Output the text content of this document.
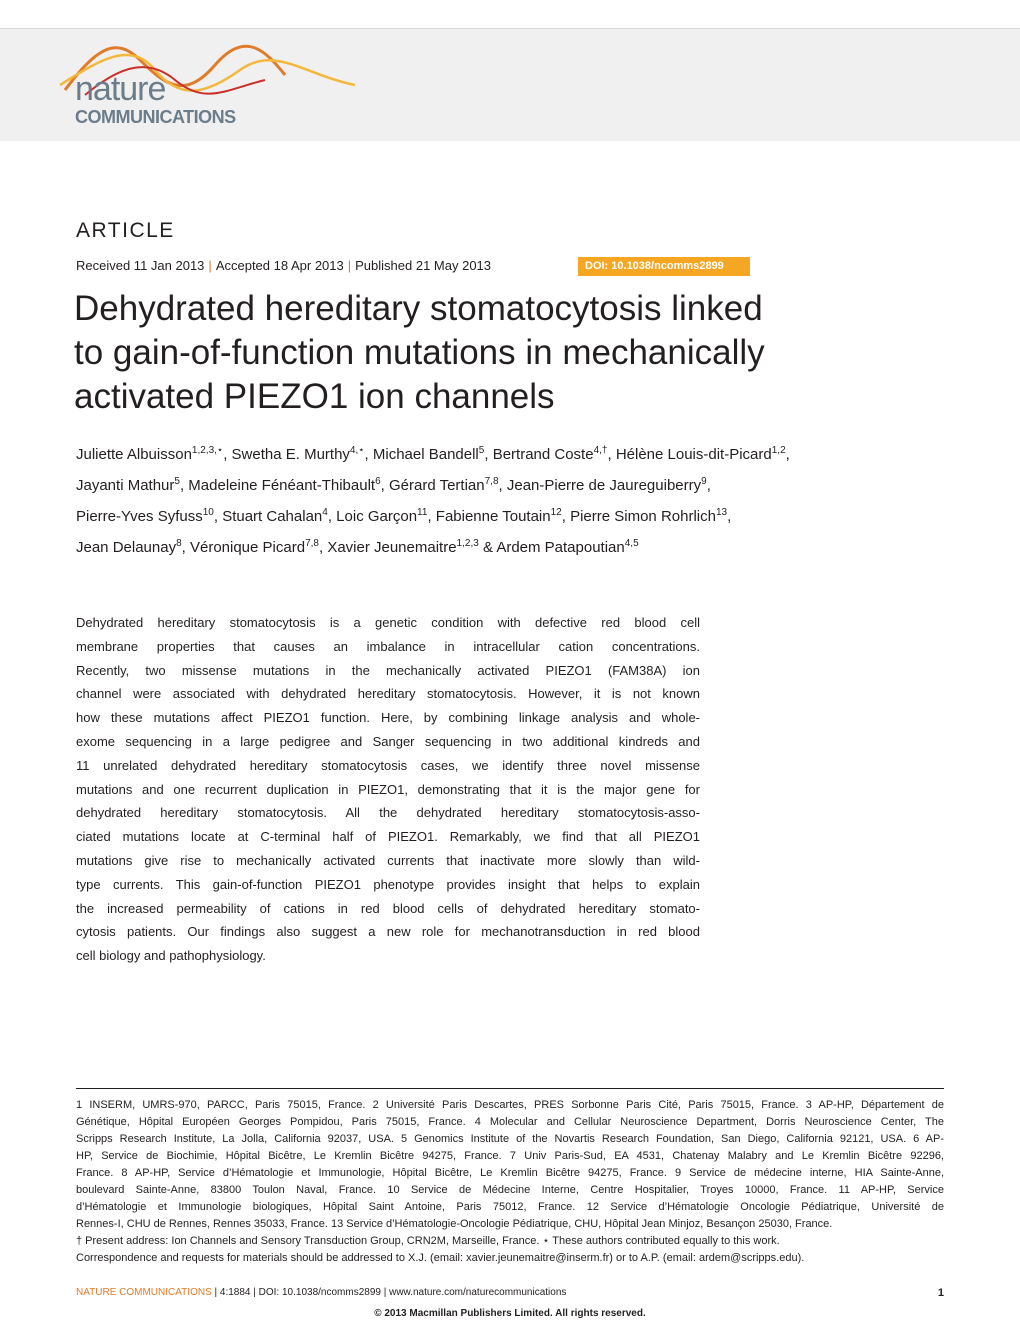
nature
COMMUNICATIONS
ARTICLE
Received 11 Jan 2013 | Accepted 18 Apr 2013 | Published 21 May 2013	DOI: 10.1038/ncomms2899
Dehydrated hereditary stomatocytosis linked
to gain-of-function mutations in mechanically
activated PIEZO1 ion channels
Juliette Albuisson$^{1,2,3,⋆}$, Swetha E. Murthy$^{4,⋆}$, Michael Bandell$^5$, Bertrand Coste$^{4,\dagger}$, Hélène Louis-dit-Picard$^{1,2}$,
Jayanti Mathur$^5$, Madeleine Fénéant-Thibault$^6$, Gérard Tertian$^{7,8}$, Jean-Pierre de Jaureguiberry$^9$,
Pierre-Yves Syfuss$^{10}$, Stuart Cahalan$^4$, Loic Garçon$^{11}$, Fabienne Toutain$^{12}$, Pierre Simon Rohrlich$^{13}$,
Jean Delaunay$^8$, Véronique Picard$^{7,8}$, Xavier Jeunemaitre$^{1,2,3}$ & Ardem Patapoutian$^{4,5}$
Dehydrated hereditary stomatocytosis is a genetic condition with defective red blood cell
membrane properties that causes an imbalance in intracellular cation concentrations.
Recently, two missense mutations in the mechanically activated PIEZO1 (FAM38A) ion
channel were associated with dehydrated hereditary stomatocytosis. However, it is not known
how these mutations affect PIEZO1 function. Here, by combining linkage analysis and whole-
exome sequencing in a large pedigree and Sanger sequencing in two additional kindreds and
11 unrelated dehydrated hereditary stomatocytosis cases, we identify three novel missense
mutations and one recurrent duplication in PIEZO1, demonstrating that it is the major gene for
dehydrated hereditary stomatocytosis. All the dehydrated hereditary stomatocytosis-asso-
ciated mutations locate at C-terminal half of PIEZO1. Remarkably, we find that all PIEZO1
mutations give rise to mechanically activated currents that inactivate more slowly than wild-
type currents. This gain-of-function PIEZO1 phenotype provides insight that helps to explain
the increased permeability of cations in red blood cells of dehydrated hereditary stomato-
cytosis patients. Our findings also suggest a new role for mechanotransduction in red blood
cell biology and pathophysiology.
1 INSERM, UMRS-970, PARCC, Paris 75015, France. 2 Université Paris Descartes, PRES Sorbonne Paris Cité, Paris 75015, France. 3 AP-HP, Département de
Génétique, Hôpital Européen Georges Pompidou, Paris 75015, France. 4 Molecular and Cellular Neuroscience Department, Dorris Neuroscience Center, The
Scripps Research Institute, La Jolla, California 92037, USA. 5 Genomics Institute of the Novartis Research Foundation, San Diego, California 92121, USA. 6 AP-
HP, Service de Biochimie, Hôpital Bicêtre, Le Kremlin Bicêtre 94275, France. 7 Univ Paris-Sud, EA 4531, Chatenay Malabry and Le Kremlin Bicêtre 92296,
France. 8 AP-HP, Service d’Hématologie et Immunologie, Hôpital Bicêtre, Le Kremlin Bicêtre 94275, France. 9 Service de médecine interne, HIA Sainte-Anne,
boulevard Sainte-Anne, 83800 Toulon Naval, France. 10 Service de Médecine Interne, Centre Hospitalier, Troyes 10000, France. 11 AP-HP, Service
d’Hématologie et Immunologie biologiques, Hôpital Saint Antoine, Paris 75012, France. 12 Service d’Hématologie Oncologie Pédiatrique, Université de
Rennes-I, CHU de Rennes, Rennes 35033, France. 13 Service d’Hématologie-Oncologie Pédiatrique, CHU, Hôpital Jean Minjoz, Besançon 25030, France.
† Present address: Ion Channels and Sensory Transduction Group, CRN2M, Marseille, France. ⋆ These authors contributed equally to this work.
Correspondence and requests for materials should be addressed to X.J. (email: xavier.jeunemaitre@inserm.fr) or to A.P. (email: ardem@scripps.edu).
NATURE COMMUNICATIONS | 4:1884 | DOI: 10.1038/ncomms2899 | www.nature.com/naturecommunications	1
© 2013 Macmillan Publishers Limited. All rights reserved.
